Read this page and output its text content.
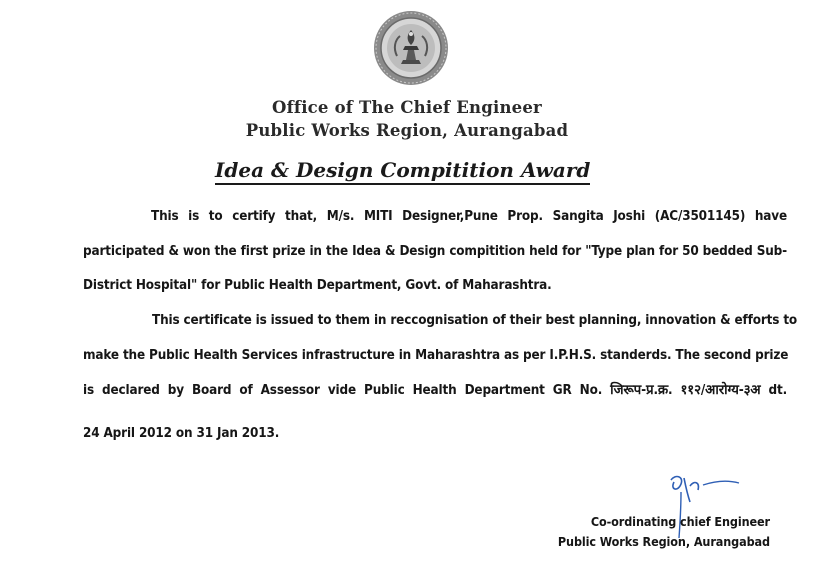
Office of The Chief Engineer
Public Works Region, Aurangabad
Idea & Design Compitition Award
This is to certify that, M/s. MITI Designer,Pune Prop. Sangita Joshi (AC/3501145) have
participated & won the first prize in the Idea & Design compitition held for "Type plan for 50 bedded Sub-
District Hospital" for Public Health Department, Govt. of Maharashtra.
This certificate is issued to them in reccognisation of their best planning, innovation & efforts to
make the Public Health Services infrastructure in Maharashtra as per I.P.H.S. standerds. The second prize
is declared by Board of Assessor vide Public Health Department GR No. जिरूप-प्र.क्र. ११२/आरोग्य-३अ dt.
24 April 2012 on 31 Jan 2013.
Co-ordinating chief Engineer
Public Works Region, Aurangabad
